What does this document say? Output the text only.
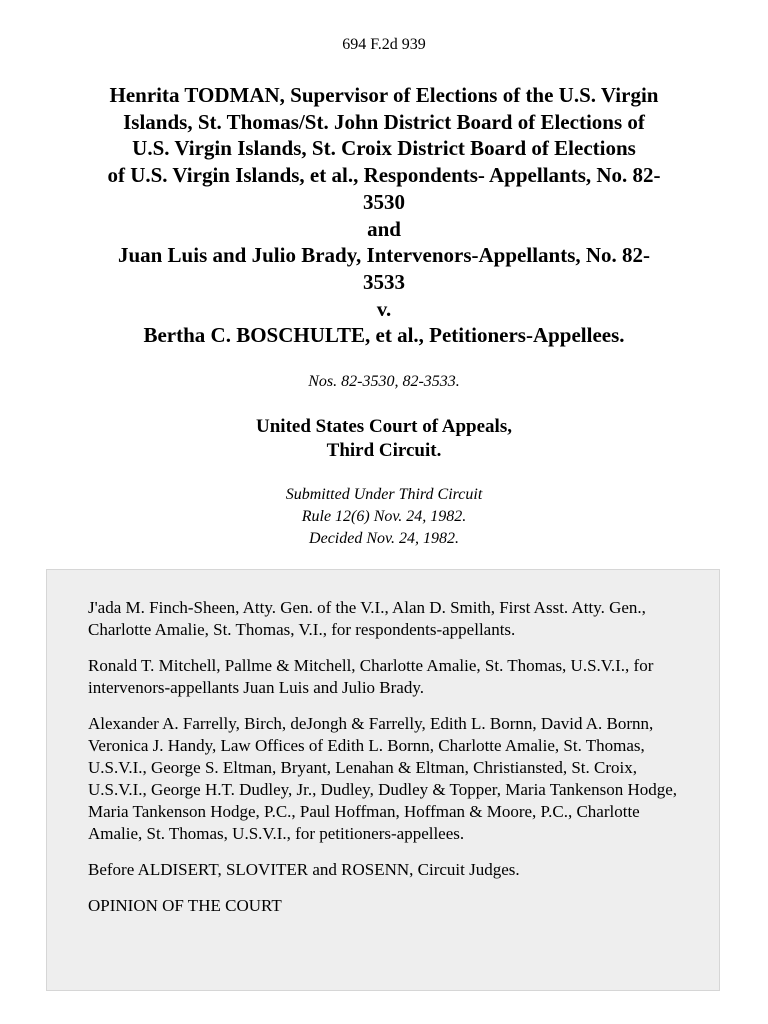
694 F.2d 939
Henrita TODMAN, Supervisor of Elections of the U.S. Virgin
Islands, St. Thomas/St. John District Board of Elections of
U.S. Virgin Islands, St. Croix District Board of Elections
of U.S. Virgin Islands, et al., Respondents- Appellants, No. 82-
3530
and
Juan Luis and Julio Brady, Intervenors-Appellants, No. 82-
3533
v.
Bertha C. BOSCHULTE, et al., Petitioners-Appellees.
Nos. 82-3530, 82-3533.
United States Court of Appeals,
Third Circuit.
Submitted Under Third Circuit
Rule 12(6) Nov. 24, 1982.
Decided Nov. 24, 1982.

J'ada M. Finch-Sheen, Atty. Gen. of the V.I., Alan D. Smith, First Asst. Atty. Gen., Charlotte Amalie, St. Thomas, V.I., for respondents-appellants.

Ronald T. Mitchell, Pallme & Mitchell, Charlotte Amalie, St. Thomas, U.S.V.I., for intervenors-appellants Juan Luis and Julio Brady.

Alexander A. Farrelly, Birch, deJongh & Farrelly, Edith L. Bornn, David A. Bornn, Veronica J. Handy, Law Offices of Edith L. Bornn, Charlotte Amalie, St. Thomas, U.S.V.I., George S. Eltman, Bryant, Lenahan & Eltman, Christiansted, St. Croix, U.S.V.I., George H.T. Dudley, Jr., Dudley, Dudley & Topper, Maria Tankenson Hodge, Maria Tankenson Hodge, P.C., Paul Hoffman, Hoffman & Moore, P.C., Charlotte Amalie, St. Thomas, U.S.V.I., for petitioners-appellees.

Before ALDISERT, SLOVITER and ROSENN, Circuit Judges.

OPINION OF THE COURT
